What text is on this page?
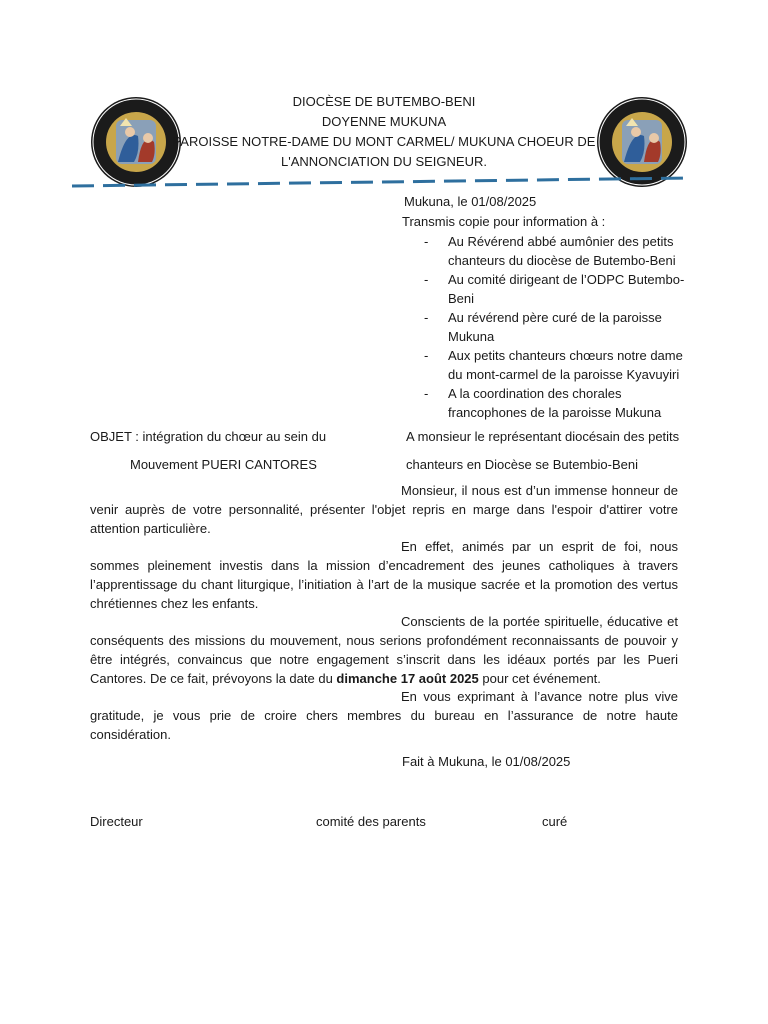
DIOCÈSE DE BUTEMBO-BENI
DOYENNE MUKUNA
PAROISSE NOTRE-DAME DU MONT CARMEL/ MUKUNA CHOEUR DE
L'ANNONCIATION DU SEIGNEUR.
Mukuna, le 01/08/2025
Transmis copie pour information à :
- Au Révérend abbé aumônier des petits chanteurs du diocèse de Butembo-Beni
- Au comité dirigeant de l’ODPC Butembo-Beni
- Au révérend père curé de la paroisse Mukuna
- Aux petits chanteurs chœurs notre dame du mont-carmel de la paroisse Kyavuyiri
- A la coordination des chorales francophones de la paroisse Mukuna
OBJET : intégration du chœur au sein du
Mouvement PUERI CANTORES
A monsieur le représentant diocésain des petits
chanteurs en Diocèse se Butembio-Beni
Monsieur, il nous est d’un immense honneur de venir auprès de votre personnalité, présenter l'objet repris en marge dans l'espoir d'attirer votre attention particulière.
En effet, animés par un esprit de foi, nous sommes pleinement investis dans la mission d’encadrement des jeunes catholiques à travers l’apprentissage du chant liturgique, l’initiation à l’art de la musique sacrée et la promotion des vertus chrétiennes chez les enfants.
Conscients de la portée spirituelle, éducative et conséquents des missions du mouvement, nous serions profondément reconnaissants de pouvoir y être intégrés, convaincus que notre engagement s’inscrit dans les idéaux portés par les Pueri Cantores. De ce fait, prévoyons la date du dimanche 17 août 2025 pour cet événement.
En vous exprimant à l’avance notre plus vive gratitude, je vous prie de croire chers membres du bureau en l’assurance de notre haute considération.
Fait à Mukuna, le 01/08/2025
Directeur	comité des parents	curé
